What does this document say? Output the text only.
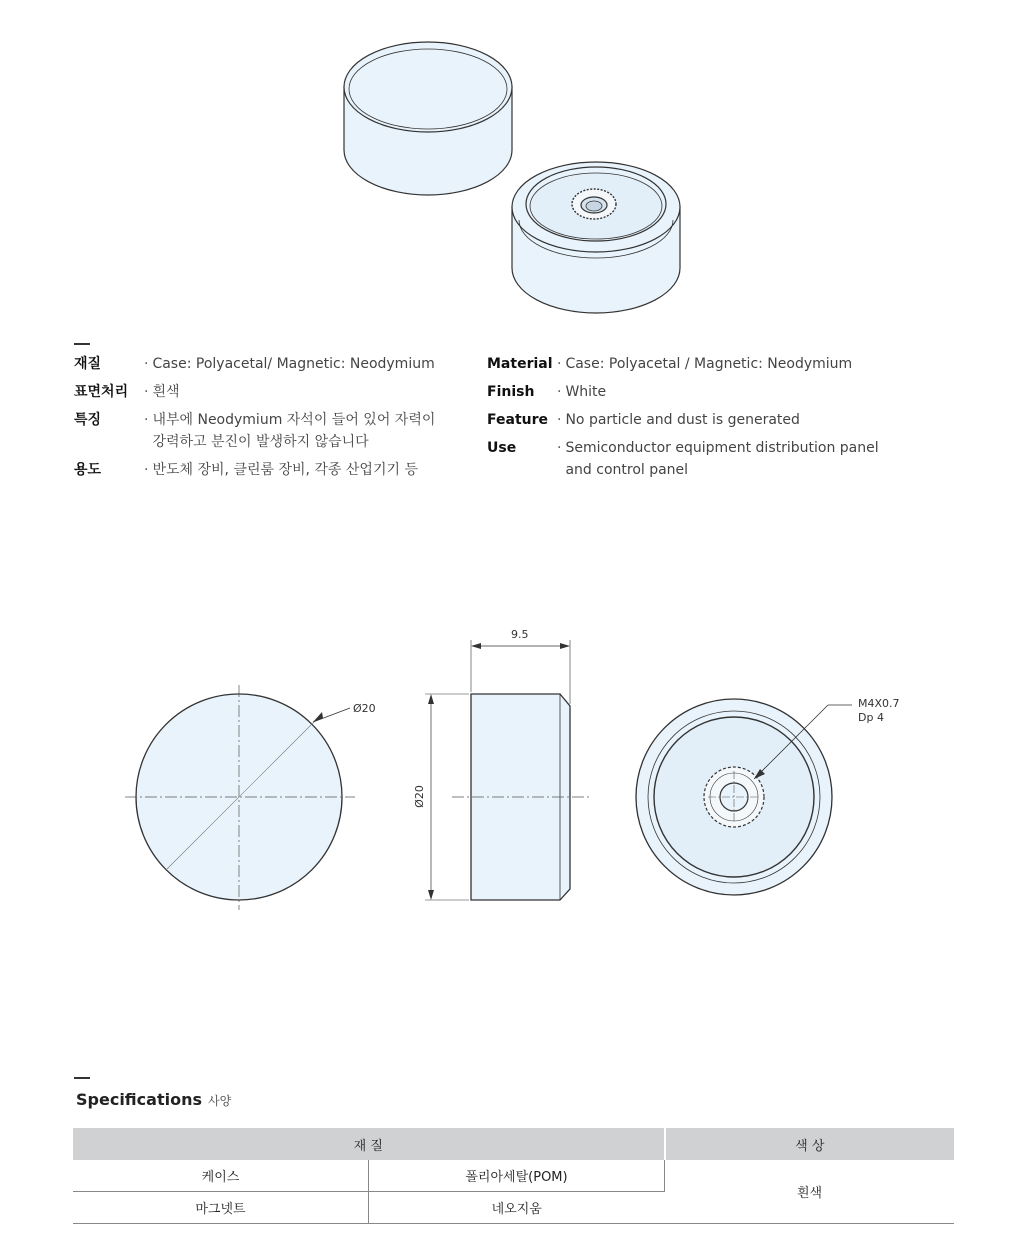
재질	· Case: Polyacetal/ Magnetic: Neodymium
표면처리	· 흰색
특징	· 내부에 Neodymium 자석이 들어 있어 자력이 강력하고 분진이 발생하지 않습니다
용도	· 반도체 장비, 클린룸 장비, 각종 산업기기 등
Material · Case: Polyacetal / Magnetic: Neodymium
Finish	· White
Feature · No particle and dust is generated
Use	· Semiconductor equipment distribution panel and control panel
9.5
Ø20
Ø20
M4X0.7
Dp 4
Specifications 사양
재 질		색 상
케이스	폴리아세탈(POM)	흰색
마그넷트	네오지움	
